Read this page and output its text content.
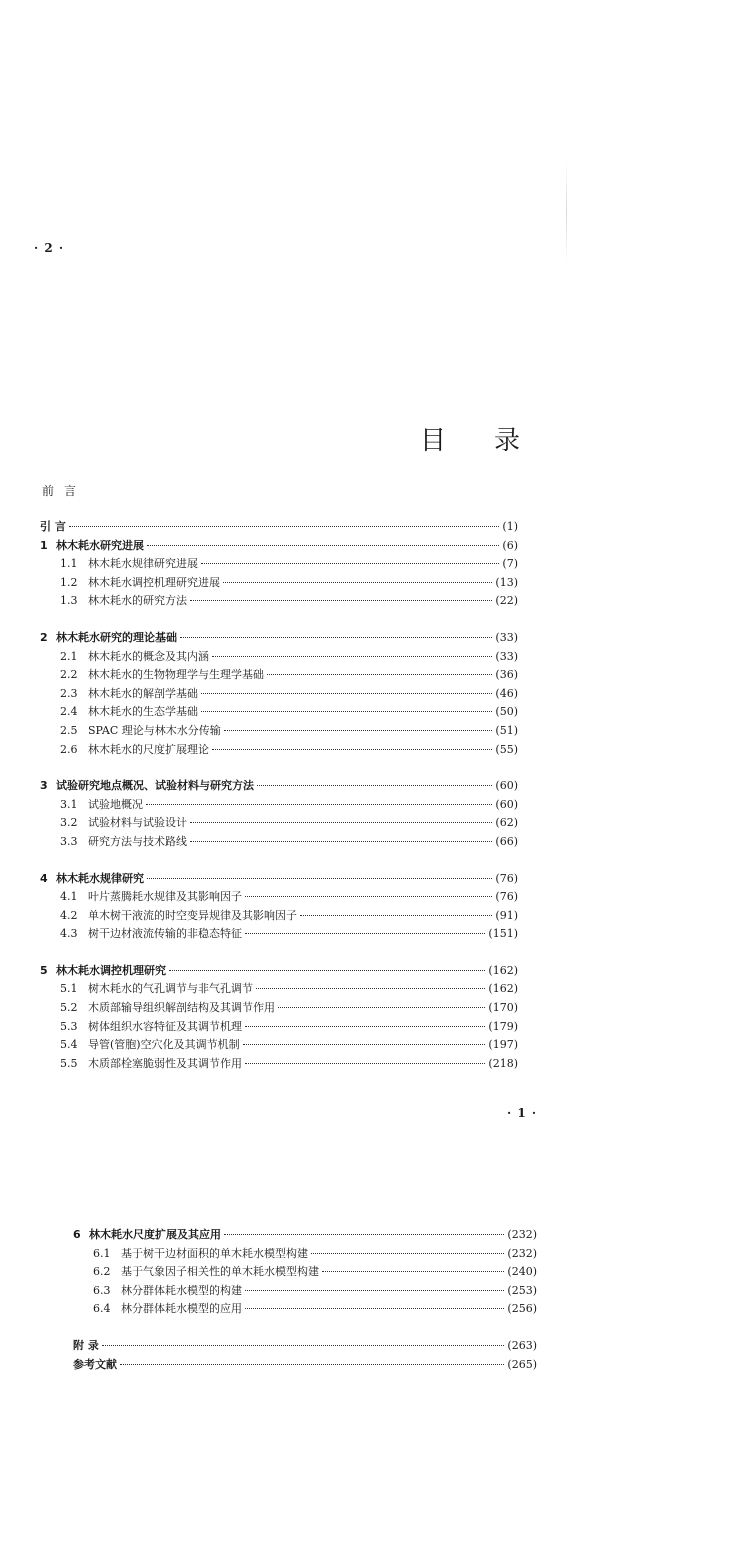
· 2 ·
目录
前言
引 言	(1)
1 林木耗水研究进展	(6)
1.1 林木耗水规律研究进展	(7)
1.2 林木耗水调控机理研究进展	(13)
1.3 林木耗水的研究方法	(22)
2 林木耗水研究的理论基础	(33)
2.1 林木耗水的概念及其内涵	(33)
2.2 林木耗水的生物物理学与生理学基础	(36)
2.3 林木耗水的解剖学基础	(46)
2.4 林木耗水的生态学基础	(50)
2.5 SPAC 理论与林木水分传输	(51)
2.6 林木耗水的尺度扩展理论	(55)
3 试验研究地点概况、试验材料与研究方法	(60)
3.1 试验地概况	(60)
3.2 试验材料与试验设计	(62)
3.3 研究方法与技术路线	(66)
4 林木耗水规律研究	(76)
4.1 叶片蒸腾耗水规律及其影响因子	(76)
4.2 单木树干液流的时空变异规律及其影响因子	(91)
4.3 树干边材液流传输的非稳态特征	(151)
5 林木耗水调控机理研究	(162)
5.1 树木耗水的气孔调节与非气孔调节	(162)
5.2 木质部输导组织解剖结构及其调节作用	(170)
5.3 树体组织水容特征及其调节机理	(179)
5.4 导管(管胞)空穴化及其调节机制	(197)
5.5 木质部栓塞脆弱性及其调节作用	(218)
· 1 ·
6 林木耗水尺度扩展及其应用	(232)
6.1 基于树干边材面积的单木耗水模型构建	(232)
6.2 基于气象因子相关性的单木耗水模型构建	(240)
6.3 林分群体耗水模型的构建	(253)
6.4 林分群体耗水模型的应用	(256)
附 录	(263)
参考文献	(265)
